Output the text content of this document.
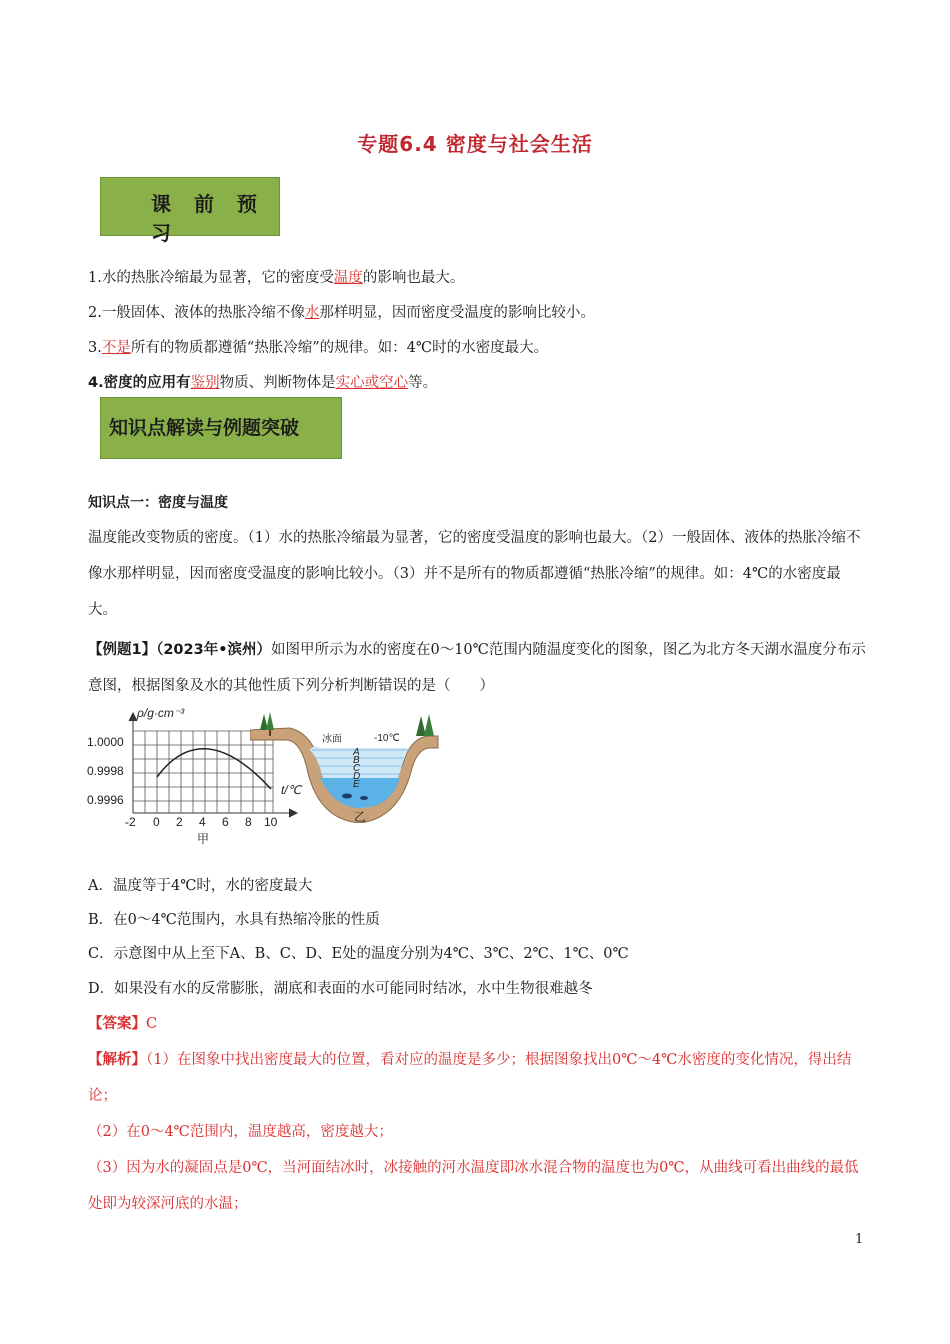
专题6.4 密度与社会生活
课 前 预 习
1.水的热胀冷缩最为显著，它的密度受温度的影响也最大。
2.一般固体、液体的热胀冷缩不像水那样明显，因而密度受温度的影响比较小。
3.不是所有的物质都遵循“热胀冷缩”的规律。如：4℃时的水密度最大。
4.密度的应用有鉴别物质、判断物体是实心或空心等。
知识点解读与例题突破
知识点一：密度与温度
温度能改变物质的密度。（1）水的热胀冷缩最为显著，它的密度受温度的影响也最大。（2）一般固体、液体的热胀冷缩不像水那样明显，因而密度受温度的影响比较小。（3）并不是所有的物质都遵循“热胀冷缩”的规律。如：4℃的水密度最大。
【例题1】（2023年•滨州）如图甲所示为水的密度在0～10℃范围内随温度变化的图象，图乙为北方冬天湖水温度分布示意图，根据图象及水的其他性质下列分析判断错误的是（　　）
ρ/g·cm⁻³
1.0000
0.9998
0.9996
t/℃
-2 0 2 4 6 8 10
甲
冰面	-10℃
A
B
C
D
E
乙
A．温度等于4℃时，水的密度最大
B．在0～4℃范围内，水具有热缩冷胀的性质
C．示意图中从上至下A、B、C、D、E处的温度分别为4℃、3℃、2℃、1℃、0℃
D．如果没有水的反常膨胀，湖底和表面的水可能同时结冰，水中生物很难越冬
【答案】C
【解析】（1）在图象中找出密度最大的位置，看对应的温度是多少；根据图象找出0℃～4℃水密度的变化情况，得出结论；
（2）在0～4℃范围内，温度越高，密度越大；
（3）因为水的凝固点是0℃，当河面结冰时，冰接触的河水温度即冰水混合物的温度也为0℃，从曲线可看出曲线的最低处即为较深河底的水温；
1
